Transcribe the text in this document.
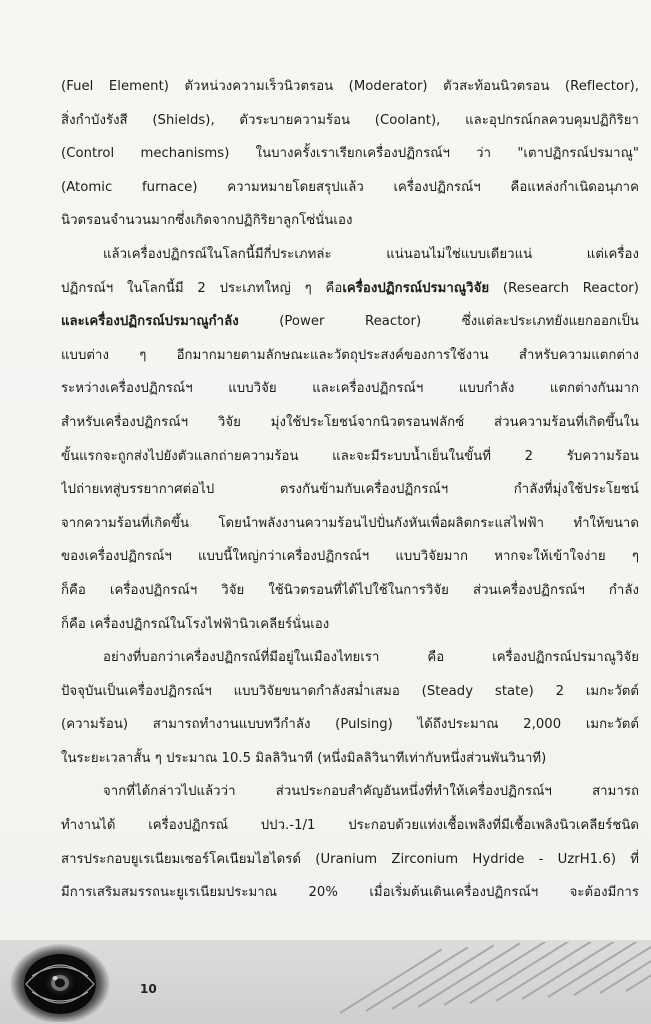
(Fuel Element) ตัวหน่วงความเร็วนิวตรอน (Moderator) ตัวสะท้อนนิวตรอน (Reflector),
สิ่งกำบังรังสี (Shields), ตัวระบายความร้อน (Coolant), และอุปกรณ์กลควบคุมปฏิกิริยา
(Control mechanisms) ในบางครั้งเราเรียกเครื่องปฏิกรณ์ฯ ว่า "เตาปฏิกรณ์ปรมาณู"
(Atomic furnace) ความหมายโดยสรุปแล้ว เครื่องปฏิกรณ์ฯ คือแหล่งกำเนิดอนุภาค
นิวตรอนจำนวนมากซึ่งเกิดจากปฏิกิริยาลูกโซ่นั่นเอง
แล้วเครื่องปฏิกรณ์ในโลกนี้มีกี่ประเภทล่ะ แน่นอนไม่ใช่แบบเดียวแน่ แต่เครื่อง
ปฏิกรณ์ฯ ในโลกนี้มี 2 ประเภทใหญ่ ๆ คือเครื่องปฏิกรณ์ปรมาณูวิจัย (Research Reactor)
และเครื่องปฏิกรณ์ปรมาณูกำลัง (Power Reactor) ซึ่งแต่ละประเภทยังแยกออกเป็น
แบบต่าง ๆ อีกมากมายตามลักษณะและวัตถุประสงค์ของการใช้งาน สำหรับความแตกต่าง
ระหว่างเครื่องปฏิกรณ์ฯ แบบวิจัย และเครื่องปฏิกรณ์ฯ แบบกำลัง แตกต่างกันมาก
สำหรับเครื่องปฏิกรณ์ฯ วิจัย มุ่งใช้ประโยชน์จากนิวตรอนฟลักซ์ ส่วนความร้อนที่เกิดขึ้นใน
ขั้นแรกจะถูกส่งไปยังตัวแลกถ่ายความร้อน และจะมีระบบน้ำเย็นในขั้นที่ 2 รับความร้อน
ไปถ่ายเทสู่บรรยากาศต่อไป ตรงกันข้ามกับเครื่องปฏิกรณ์ฯ กำลังที่มุ่งใช้ประโยชน์
จากความร้อนที่เกิดขึ้น โดยนำพลังงานความร้อนไปปั่นกังหันเพื่อผลิตกระแสไฟฟ้า ทำให้ขนาด
ของเครื่องปฏิกรณ์ฯ แบบนี้ใหญ่กว่าเครื่องปฏิกรณ์ฯ แบบวิจัยมาก หากจะให้เข้าใจง่าย ๆ
ก็คือ เครื่องปฏิกรณ์ฯ วิจัย ใช้นิวตรอนที่ได้ไปใช้ในการวิจัย ส่วนเครื่องปฏิกรณ์ฯ กำลัง
ก็คือ เครื่องปฏิกรณ์ในโรงไฟฟ้านิวเคลียร์นั่นเอง
อย่างที่บอกว่าเครื่องปฏิกรณ์ที่มีอยู่ในเมืองไทยเรา คือ เครื่องปฏิกรณ์ปรมาณูวิจัย
ปัจจุบันเป็นเครื่องปฏิกรณ์ฯ แบบวิจัยขนาดกำลังสม่ำเสมอ (Steady state) 2 เมกะวัตต์
(ความร้อน) สามารถทำงานแบบทวีกำลัง (Pulsing) ได้ถึงประมาณ 2,000 เมกะวัตต์
ในระยะเวลาสั้น ๆ ประมาณ 10.5 มิลลิวินาที (หนึ่งมิลลิวินาทีเท่ากับหนึ่งส่วนพันวินาที)
จากที่ได้กล่าวไปแล้วว่า ส่วนประกอบสำคัญอันหนึ่งที่ทำให้เครื่องปฏิกรณ์ฯ สามารถ
ทำงานได้ เครื่องปฏิกรณ์ ปปว.-1/1 ประกอบด้วยแท่งเชื้อเพลิงที่มีเชื้อเพลิงนิวเคลียร์ชนิด
สารประกอบยูเรเนียมเซอร์โคเนียมไฮไดรด์ (Uranium Zirconium Hydride - UzrH1.6) ที่
มีการเสริมสมรรถนะยูเรเนียมประมาณ 20% เมื่อเริ่มต้นเดินเครื่องปฏิกรณ์ฯ จะต้องมีการ
10
